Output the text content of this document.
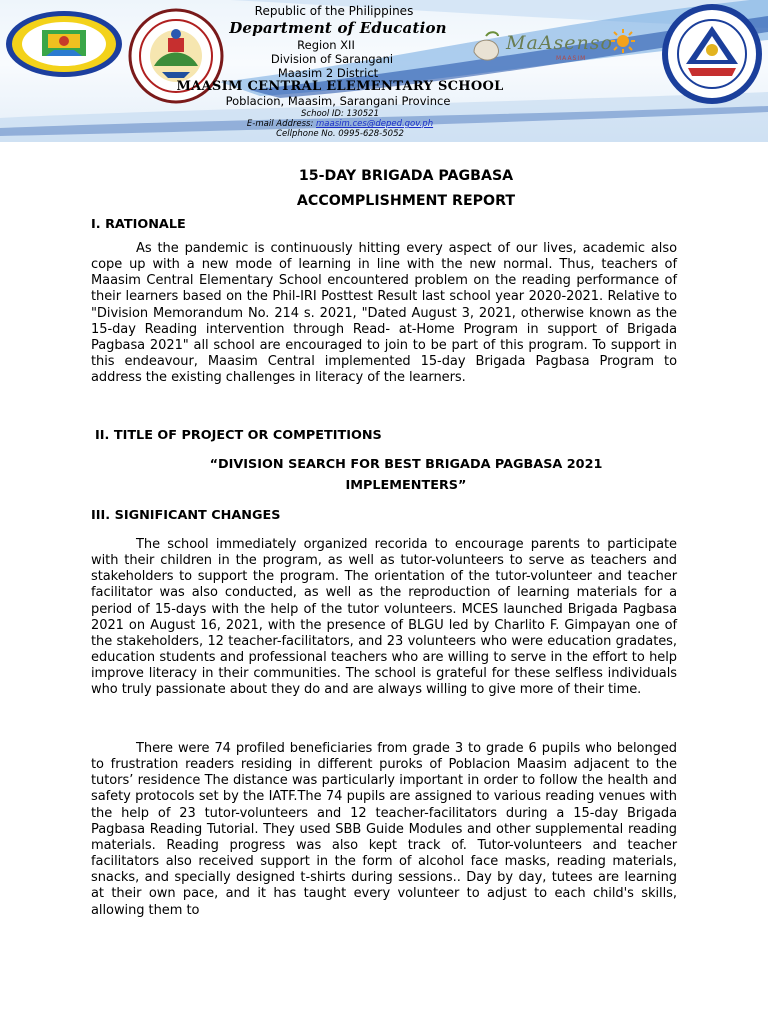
MaAsenso
MAASIM
Republic of the Philippines
Department of Education
Region XII
Division of Sarangani
Maasim 2 District
MAASIM CENTRAL ELEMENTARY SCHOOL
Poblacion, Maasim, Sarangani Province
School ID: 130521
E-mail Address: maasim.ces@deped.gov.ph
Cellphone No. 0995-628-5052
15-DAY BRIGADA PAGBASA
ACCOMPLISHMENT REPORT
I. RATIONALE

As the pandemic is continuously hitting every aspect of our lives, academic also cope up with a new mode of learning in line with the new normal. Thus, teachers of Maasim Central Elementary School encountered problem on the reading performance of their learners based on the Phil-IRI Posttest Result last school year 2020-2021. Relative to "Division Memorandum No. 214 s. 2021, "Dated August 3, 2021, otherwise known as the 15-day Reading intervention through Read- at-Home Program in support of Brigada Pagbasa 2021" all school are encouraged to join to be part of this program. To support in this endeavour, Maasim Central implemented 15-day Brigada Pagbasa Program to address the existing challenges in literacy of the learners.

II. TITLE OF PROJECT OR COMPETITIONS
“DIVISION SEARCH FOR BEST BRIGADA PAGBASA 2021
IMPLEMENTERS”
III. SIGNIFICANT CHANGES

The school immediately organized recorida to encourage parents to participate with their children in the program, as well as tutor-volunteers to serve as teachers and stakeholders to support the program. The orientation of the tutor-volunteer and teacher facilitator was also conducted, as well as the reproduction of learning materials for a period of 15-days with the help of the tutor volunteers. MCES launched Brigada Pagbasa 2021 on August 16, 2021, with the presence of BLGU led by Charlito F. Gimpayan one of the stakeholders, 12 teacher-facilitators, and 23 volunteers who were education gradates, education students and professional teachers who are willing to serve in the effort to help improve literacy in their communities. The school is grateful for these selfless individuals who truly passionate about they do and are always willing to give more of their time.

There were 74 profiled beneficiaries from grade 3 to grade 6 pupils who belonged to frustration readers residing in different puroks of Poblacion Maasim adjacent to the tutors’ residence The distance was particularly important in order to follow the health and safety protocols set by the IATF.The 74 pupils are assigned to various reading venues with the help of 23 tutor-volunteers and 12 teacher-facilitators during a 15-day Brigada Pagbasa Reading Tutorial. They used SBB Guide Modules and other supplemental reading materials. Reading progress was also kept track of. Tutor-volunteers and teacher facilitators also received support in the form of alcohol face masks, reading materials, snacks, and specially designed t-shirts during sessions.. Day by day, tutees are learning at their own pace, and it has taught every volunteer to adjust to each child's skills, allowing them to
